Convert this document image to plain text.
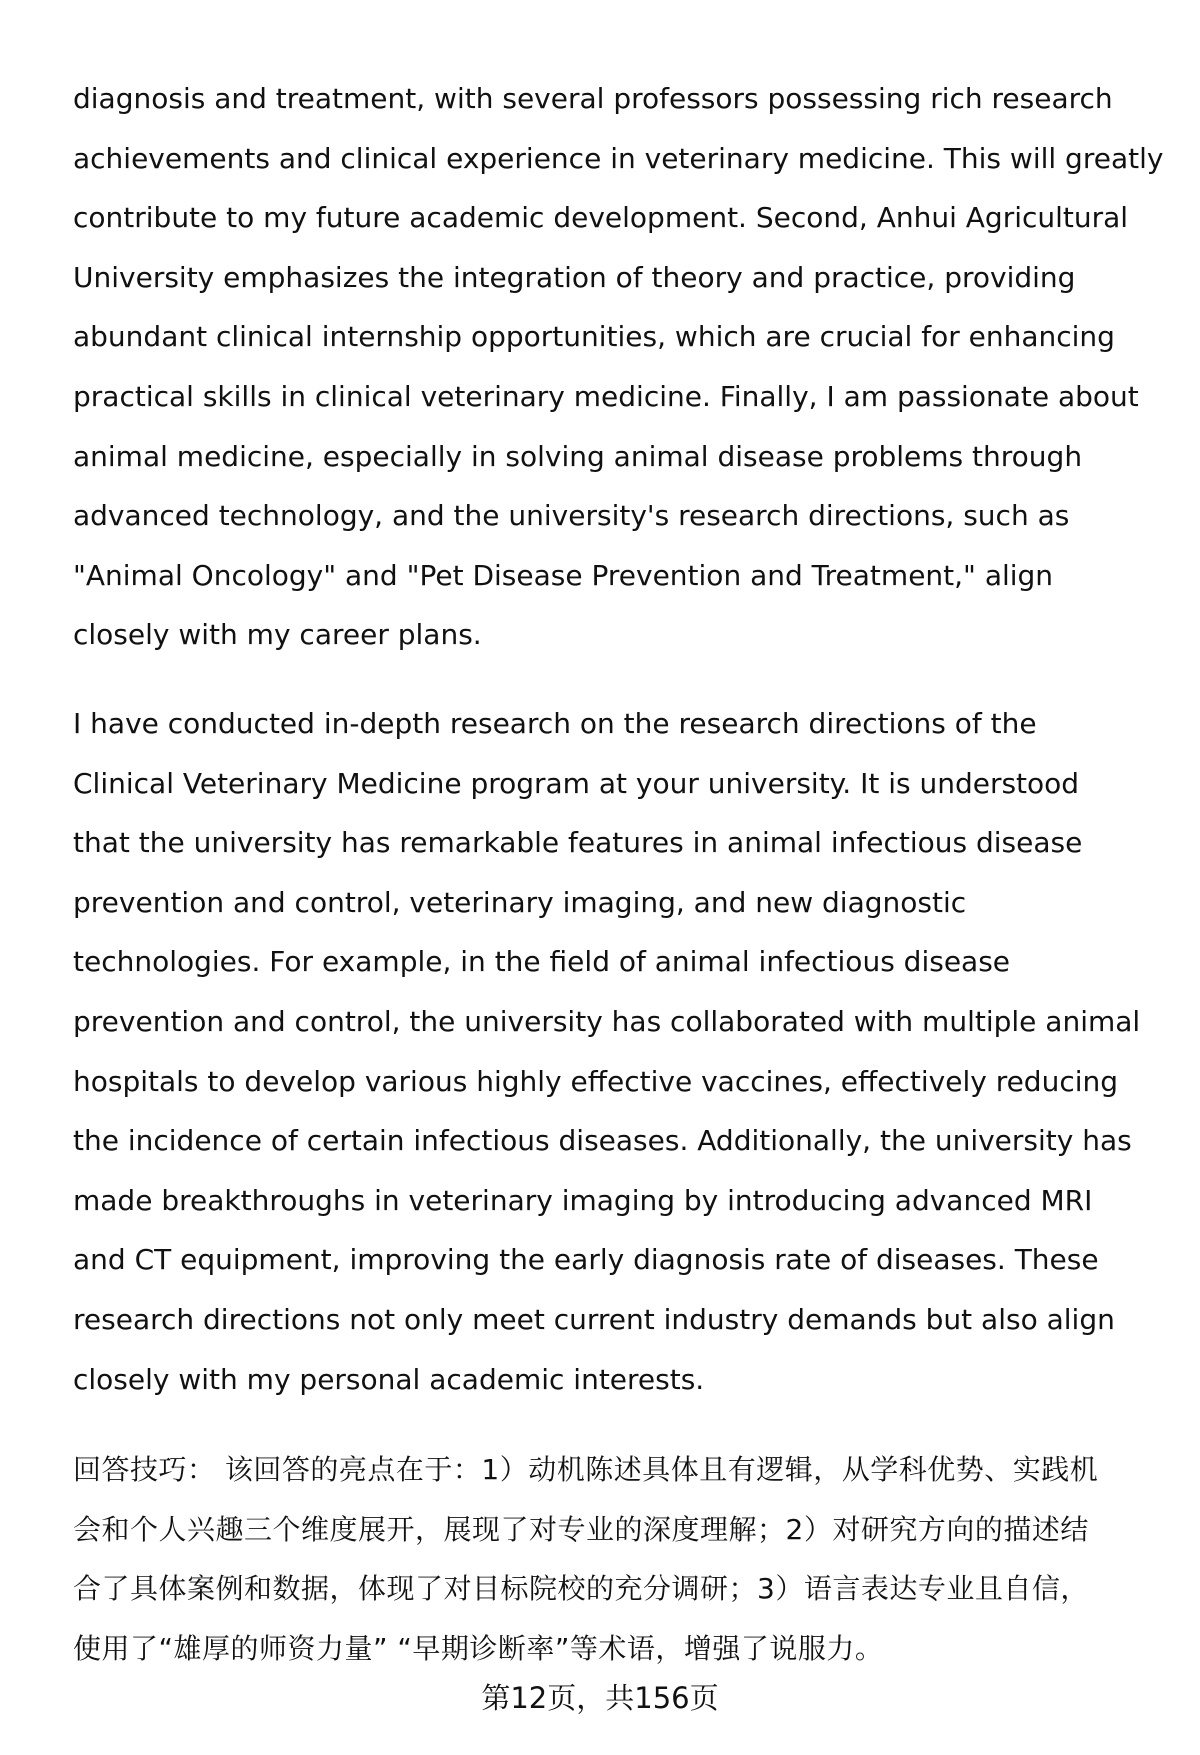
diagnosis and treatment, with several professors possessing rich research
achievements and clinical experience in veterinary medicine. This will greatly
contribute to my future academic development. Second, Anhui Agricultural
University emphasizes the integration of theory and practice, providing
abundant clinical internship opportunities, which are crucial for enhancing
practical skills in clinical veterinary medicine. Finally, I am passionate about
animal medicine, especially in solving animal disease problems through
advanced technology, and the university's research directions, such as
"Animal Oncology" and "Pet Disease Prevention and Treatment," align
closely with my career plans.
I have conducted in-depth research on the research directions of the
Clinical Veterinary Medicine program at your university. It is understood
that the university has remarkable features in animal infectious disease
prevention and control, veterinary imaging, and new diagnostic
technologies. For example, in the field of animal infectious disease
prevention and control, the university has collaborated with multiple animal
hospitals to develop various highly effective vaccines, effectively reducing
the incidence of certain infectious diseases. Additionally, the university has
made breakthroughs in veterinary imaging by introducing advanced MRI
and CT equipment, improving the early diagnosis rate of diseases. These
research directions not only meet current industry demands but also align
closely with my personal academic interests.
回答技巧： 该回答的亮点在于：1）动机陈述具体且有逻辑，从学科优势、实践机
会和个人兴趣三个维度展开，展现了对专业的深度理解；2）对研究方向的描述结
合了具体案例和数据，体现了对目标院校的充分调研；3）语言表达专业且自信，
使用了“雄厚的师资力量” “早期诊断率”等术语，增强了说服力。
第12页，共156页
